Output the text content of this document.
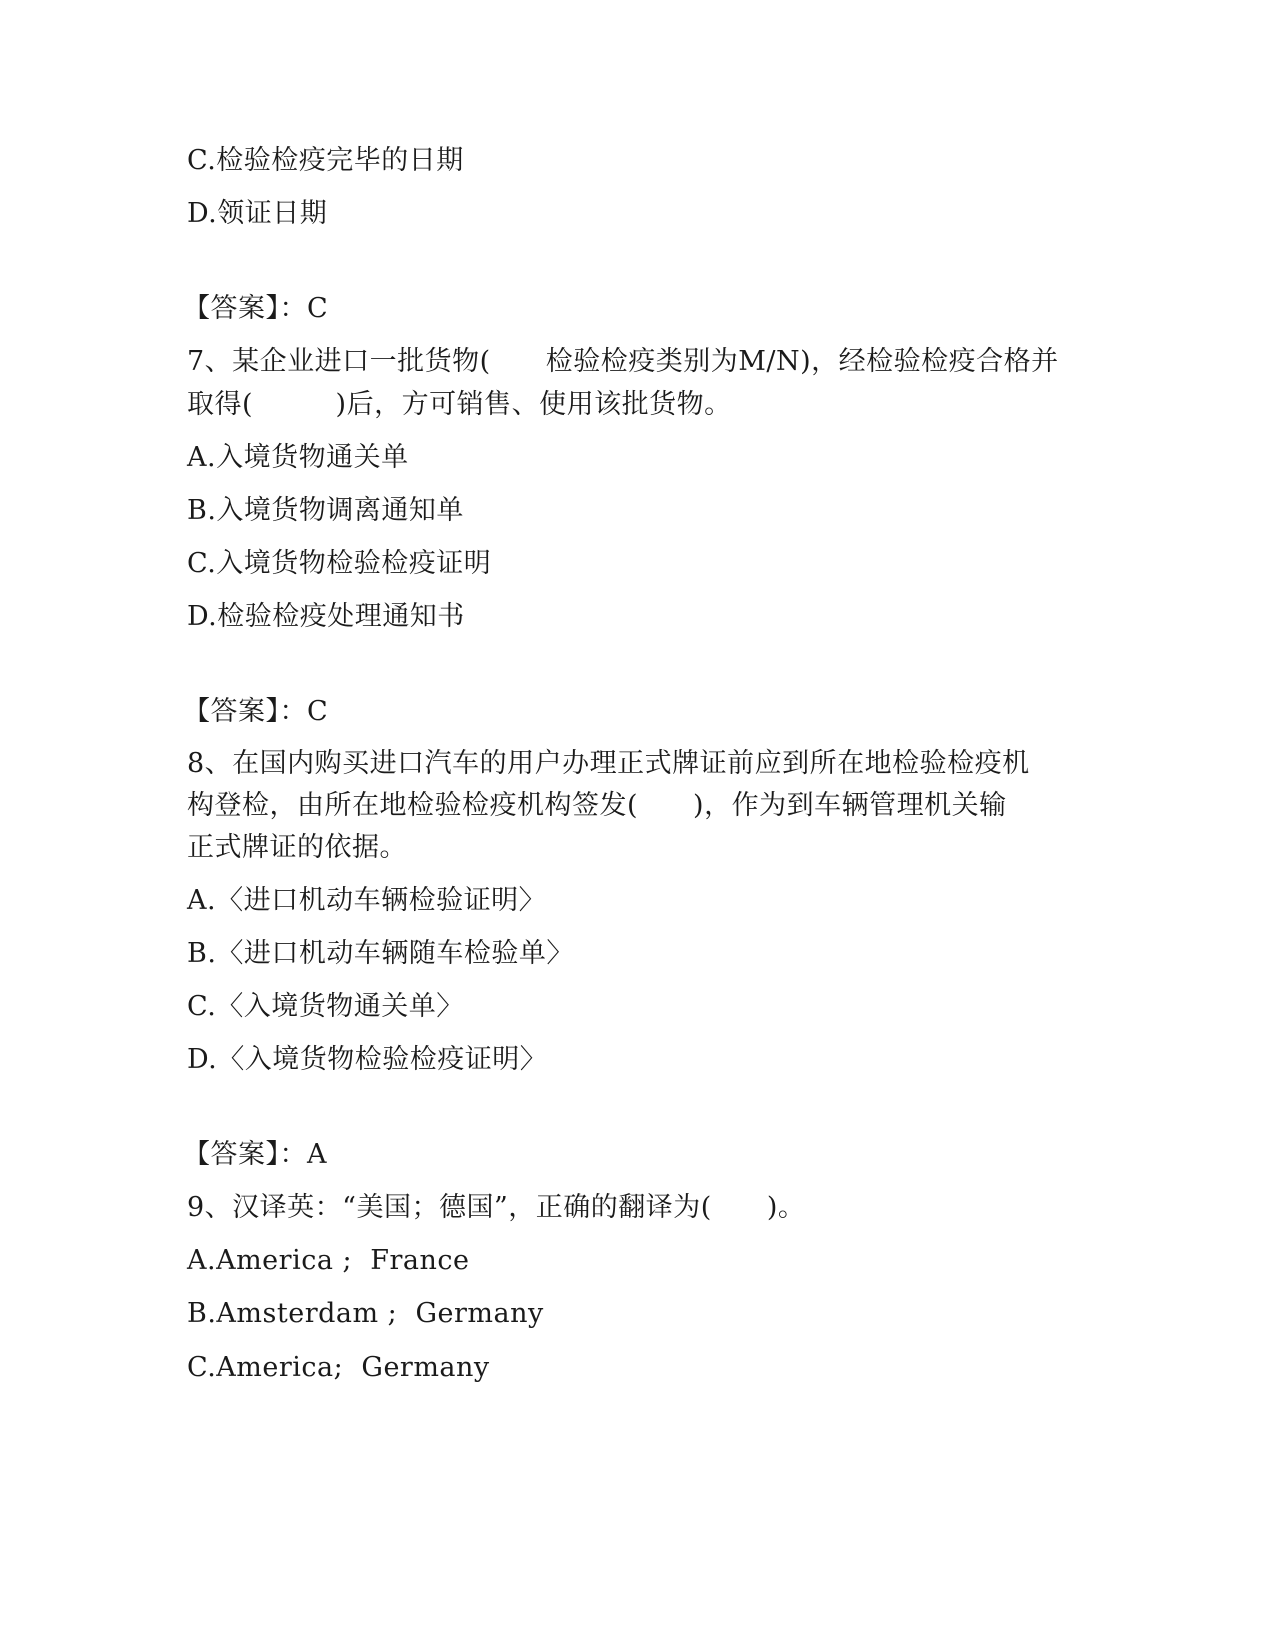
C.检验检疫完毕的日期
D.领证日期
【答案】：C
7、某企业进口一批货物(　　检验检疫类别为M/N)，经检验检疫合格并
取得(　　　)后，方可销售、使用该批货物。
A.入境货物通关单
B.入境货物调离通知单
C.入境货物检验检疫证明
D.检验检疫处理通知书
【答案】：C
8、在国内购买进口汽车的用户办理正式牌证前应到所在地检验检疫机
构登检，由所在地检验检疫机构签发(　　)，作为到车辆管理机关输
正式牌证的依据。
A.〈进口机动车辆检验证明〉
B.〈进口机动车辆随车检验单〉
C.〈入境货物通关单〉
D.〈入境货物检验检疫证明〉
【答案】：A
9、汉译英：“美国；德国”，正确的翻译为(　　)。
A.America ;  France
B.Amsterdam ;  Germany
C.America;  Germany
